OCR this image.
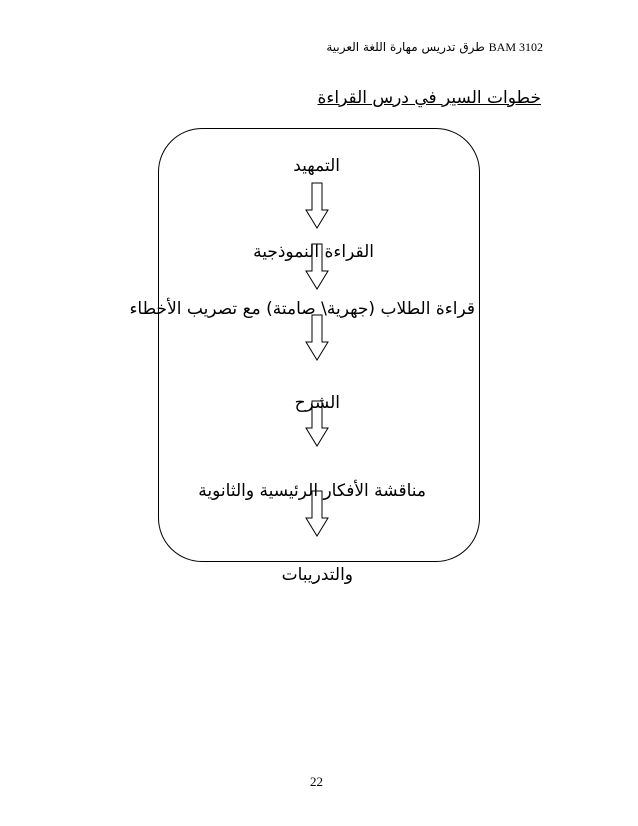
BAM 3102 طرق تدريس مهارة اللغة العربية
خطوات السير في درس القراءة
التمهيد
القراءة النموذجية
قراءة الطلاب (جهرية\ صامتة) مع تصريب الأخطاء
الشرح
مناقشة الأفكار الرئيسية والثانوية
والتدريبات
22
